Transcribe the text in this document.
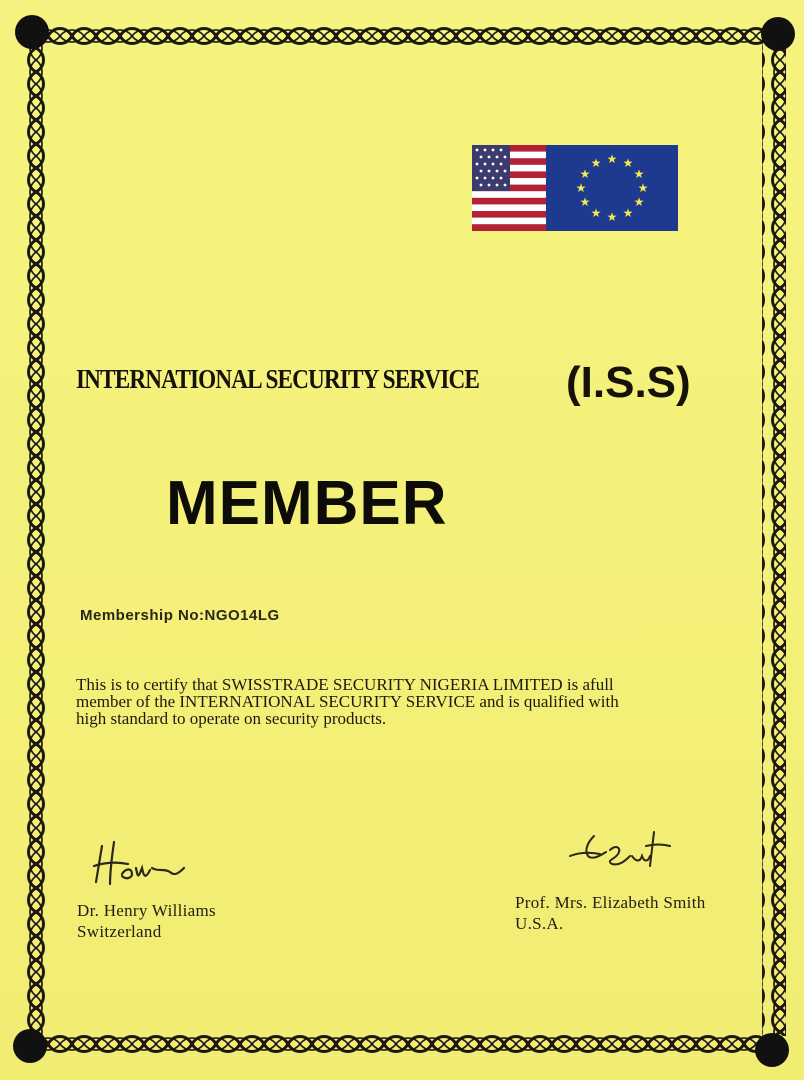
★ ★
★
★
★
★
★
★
★
★
★
★
INTERNATIONAL SECURITY SERVICE (I.S.S)
MEMBER
Membership No:NGO14LG
This is to certify that SWISSTRADE SECURITY NIGERIA LIMITED is afull
member of the INTERNATIONAL SECURITY SERVICE and is qualified with
high standard to operate on security products.
Dr. Henry Williams
Switzerland
Prof. Mrs. Elizabeth Smith
U.S.A.
